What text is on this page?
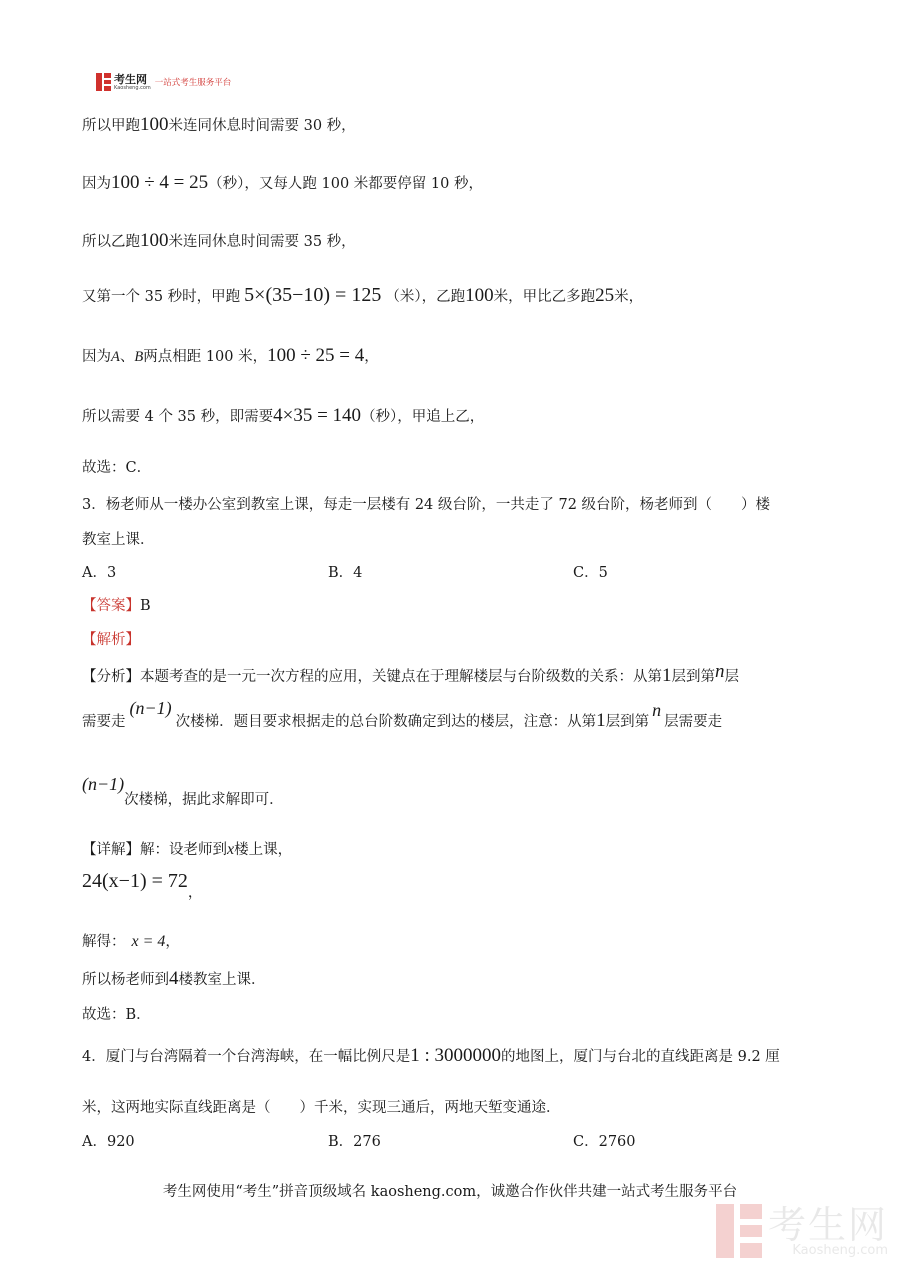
考生网
Kaosheng.com 一站式考生服务平台
所以甲跑100米连同休息时间需要 30 秒，
因为100 ÷ 4 = 25（秒），又每人跑 100 米都要停留 10 秒，
所以乙跑100米连同休息时间需要 35 秒，
又第一个 35 秒时，甲跑 5×(35−10) = 125 （米），乙跑100米，甲比乙多跑25米，
因为A、B两点相距 100 米，100 ÷ 25 = 4，
所以需要 4 个 35 秒，即需要4×35 = 140（秒），甲追上乙，
故选：C．
3．杨老师从一楼办公室到教室上课，每走一层楼有 24 级台阶，一共走了 72 级台阶，杨老师到（　　）楼
教室上课．
A．3	B．4	C．5
【答案】B
【解析】
【分析】本题考查的是一元一次方程的应用，关键点在于理解楼层与台阶级数的关系：从第1层到第n层
需要走(n−1)次楼梯．题目要求根据走的总台阶数确定到达的楼层，注意：从第1层到第n层需要走
(n−1)次楼梯，据此求解即可．
【详解】解：设老师到x楼上课，
24(x−1) = 72，
解得： x = 4，
所以杨老师到4楼教室上课．
故选：B．
4．厦门与台湾隔着一个台湾海峡，在一幅比例尺是1 : 3000000的地图上，厦门与台北的直线距离是 9.2 厘
米，这两地实际直线距离是（　　）千米，实现三通后，两地天堑变通途．
A．920	B．276	C．2760
考生网使用“考生”拼音顶级域名 kaosheng.com，诚邀合作伙伴共建一站式考生服务平台
考生网
Kaosheng.com
